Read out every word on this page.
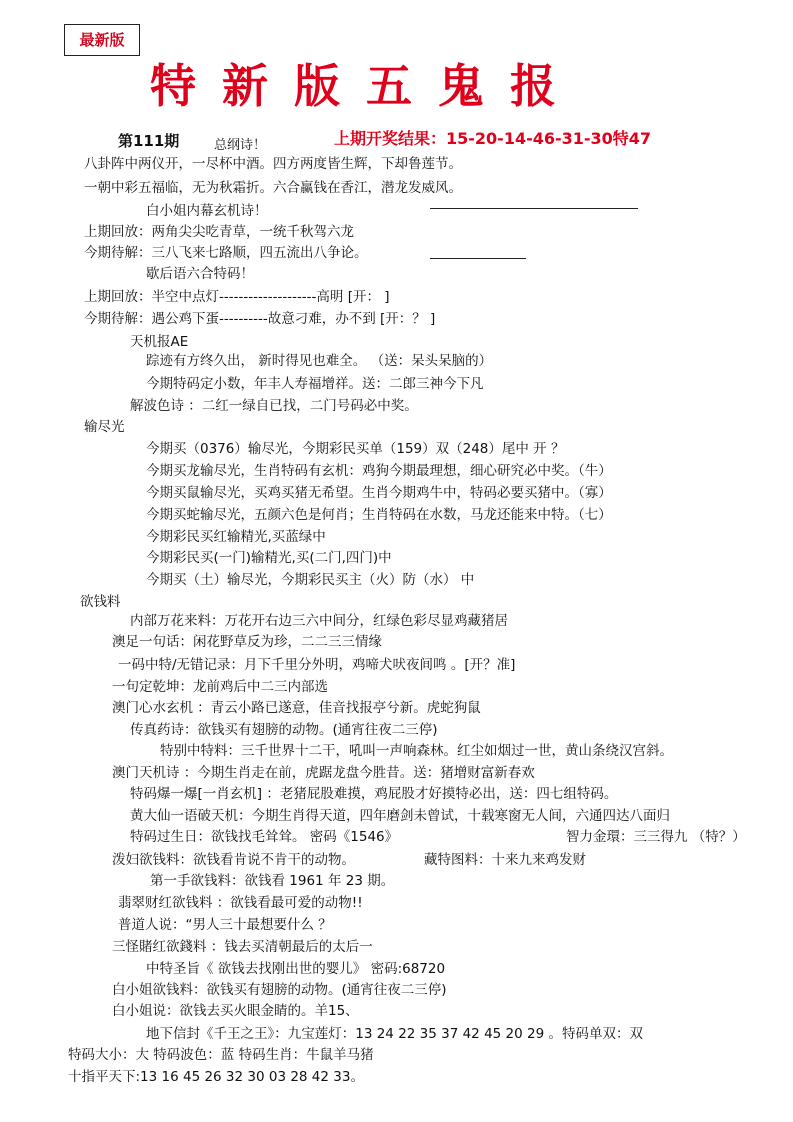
最新版
特新版五鬼报
第111期	总纲诗！	上期开奖结果：15-20-14-46-31-30特47
八卦阵中两仪开，一尽杯中酒。四方两度皆生辉，下却鲁莲节。
一朝中彩五福临，无为秋霜折。六合赢钱在香江，潜龙发威风。
白小姐内幕玄机诗！
上期回放：两角尖尖吃青草，一统千秋驾六龙
今期待解：三八飞来七路顺，四五流出八争论。
歇后语六合特码！
上期回放：半空中点灯--------------------高明 [开： ]
今期待解：遇公鸡下蛋----------故意刁难，办不到 [开：？ ]
天机报AE
踪迹有方终久出， 新时得见也难全。 （送：呆头呆脑的）
今期特码定小数，年丰人寿福增祥。送：二郎三神今下凡
解波色诗 ：二红一绿自已找，二门号码必中奖。
输尽光
今期买（0376）输尽光，今期彩民买单（159）双（248）尾中 开 ？
今期买龙输尽光，生肖特码有玄机：鸡狗今期最理想，细心研究必中奖。（牛）
今期买鼠输尽光，买鸡买猪无希望。生肖今期鸡牛中，特码必要买猪中。（寡）
今期买蛇输尽光，五颜六色是何肖；生肖特码在水数，马龙还能来中特。（七）
今期彩民买红输精光,买蓝绿中
今期彩民买(一门)输精光,买(二门,四门)中
今期买（土）输尽光，今期彩民买主（火）防（水） 中
欲钱料
内部万花来料：万花开右边三六中间分，红绿色彩尽显鸡藏猪居
澳足一句话：闲花野草反为珍，二二三三情缘
一码中特/无错记录：月下千里分外明，鸡啼犬吠夜间鸣 。[开？准]
一句定乾坤：龙前鸡后中二三内部选
澳门心水玄机 ：青云小路已遂意，佳音找报亭兮新。虎蛇狗鼠
传真药诗：欲钱买有翅膀的动物。(通宵往夜二三停)
特别中特料：三千世界十二干，吼叫一声响森林。红尘如烟过一世，黄山条绕汉宫斜。
澳门天机诗 ：今期生肖走在前，虎踞龙盘今胜昔。送：猪增财富新春欢
特码爆一爆[一肖玄机] ：老猪屁股难摸，鸡屁股才好摸特必出，送：四七组特码。
黄大仙一语破天机：今期生肖得天道，四年磨剑未曾试，十载寒窗无人间，六通四达八面归
特码过生日：欲钱找毛耸耸。 密码《1546》	智力金環：三三得九 （特？）
泼妇欲钱料：欲钱看肯说不肯干的动物。	藏特图料：十来九来鸡发财
第一手欲钱料：欲钱看 1961 年 23 期。
翡翠财红欲钱料 ：欲钱看最可爱的动物!!
普道人说：“男人三十最想要什么 ？
三怪賭红欲錢料 ：钱去买清朝最后的太后一
中特圣旨《 欲钱去找刚出世的婴儿》 密码:68720
白小姐欲钱料：欲钱买有翅膀的动物。(通宵往夜二三停)
白小姐说：欲钱去买火眼金睛的。羊15、
地下信封《千王之王》：九宝莲灯：13 24 22 35 37 42 45 20 29 。特码单双：双
特码大小：大 特码波色：蓝 特码生肖：牛鼠羊马猪
十指平天下:13 16 45 26 32 30 03 28 42 33。
